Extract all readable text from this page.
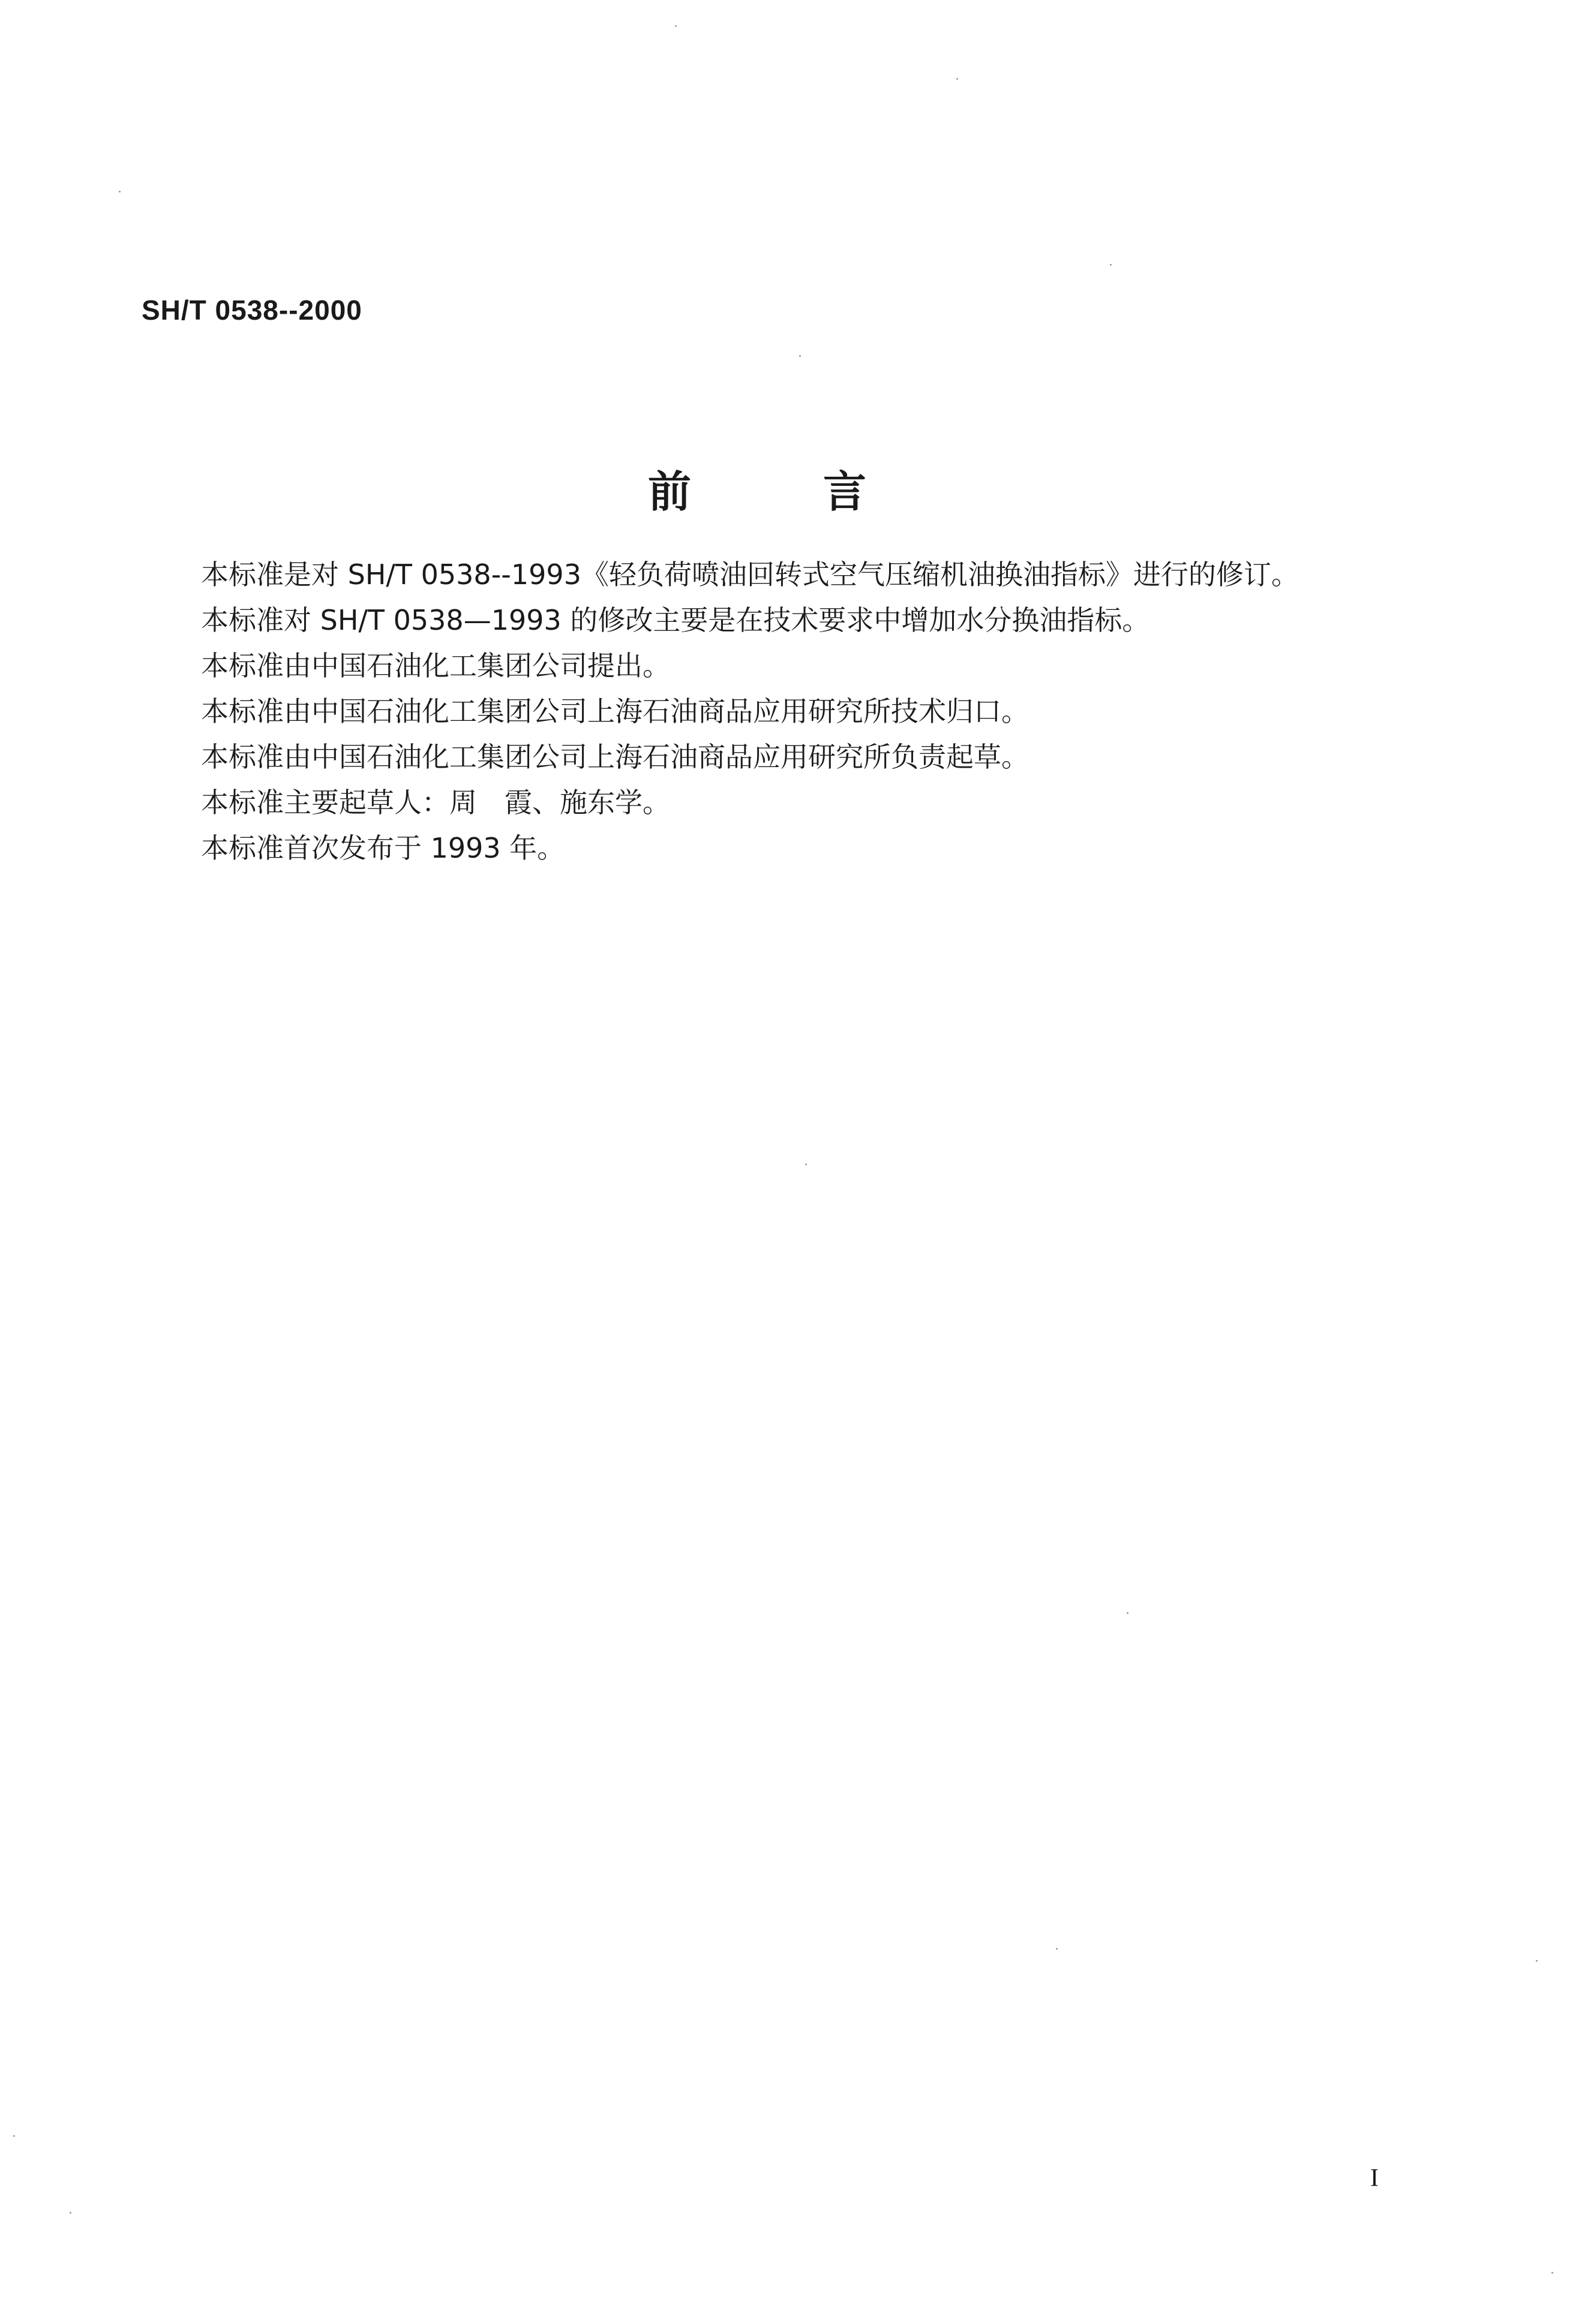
SH/T 0538--2000
前言

本标准是对 SH/T 0538--1993《轻负荷喷油回转式空气压缩机油换油指标》进行的修订。

本标准对 SH/T 0538—1993 的修改主要是在技术要求中增加水分换油指标。

本标准由中国石油化工集团公司提出。

本标准由中国石油化工集团公司上海石油商品应用研究所技术归口。

本标准由中国石油化工集团公司上海石油商品应用研究所负责起草。

本标准主要起草人：周　霞、施东学。

本标准首次发布于 1993 年。

I
